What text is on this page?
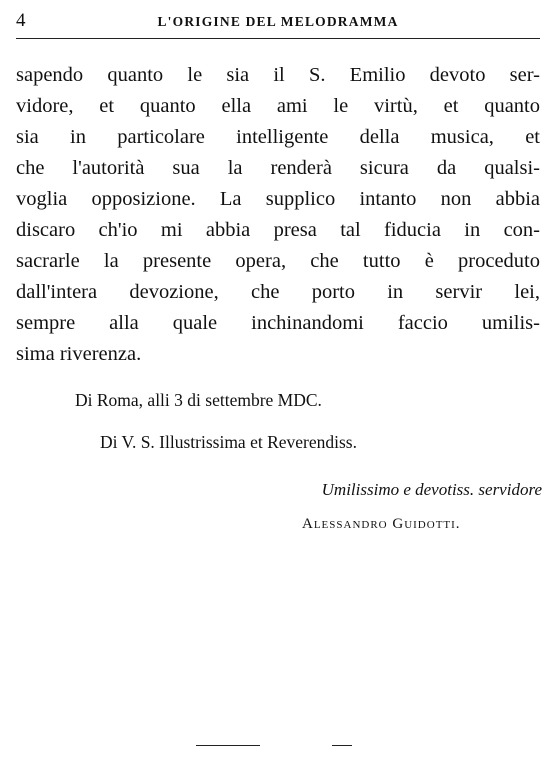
4	L'ORIGINE DEL MELODRAMMA
sapendo quanto le sia il S. Emilio devoto ser-
vidore, et quanto ella ami le virtù, et quanto
sia in particolare intelligente della musica, et
che l'autorità sua la renderà sicura da qualsi-
voglia opposizione. La supplico intanto non abbia
discaro ch'io mi abbia presa tal fiducia in con-
sacrarle la presente opera, che tutto è proceduto
dall'intera devozione, che porto in servir lei,
sempre alla quale inchinandomi faccio umilis-
sima riverenza.
Di Roma, alli 3 di settembre MDC.
Di V. S. Illustrissima et Reverendiss.
Umilissimo e devotiss. servidore
Alessandro Guidotti.
